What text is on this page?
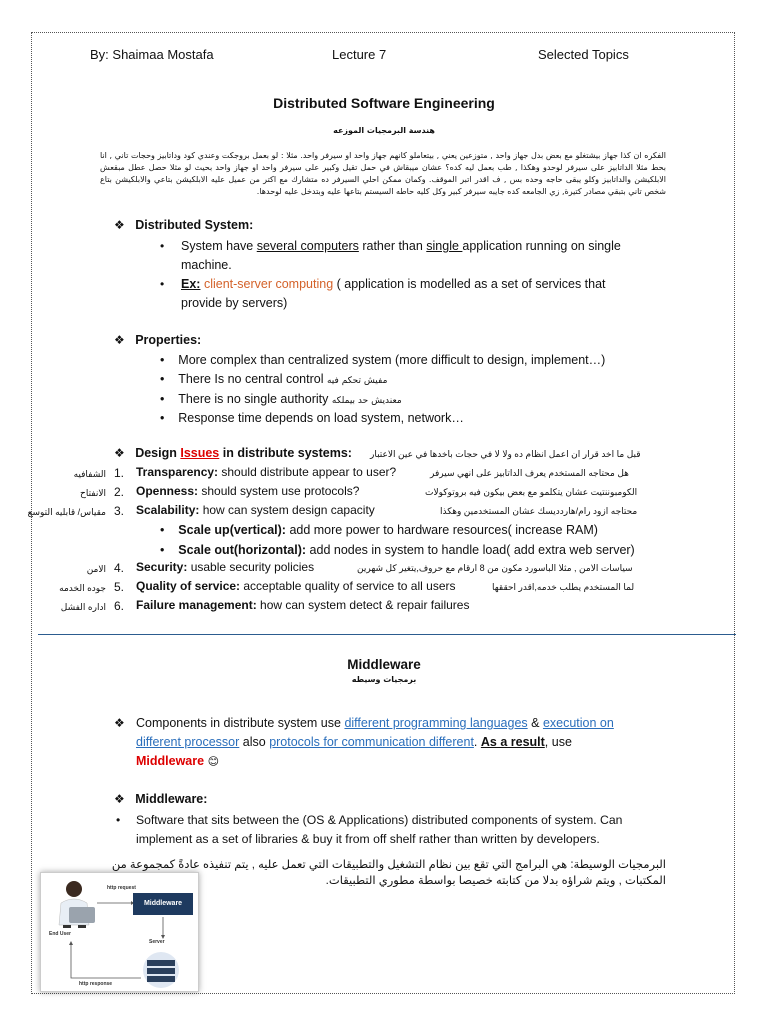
By: Shaimaa Mostafa	Lecture 7	Selected Topics
Distributed Software Engineering
هندسة البرمجيات الموزعه
الفكره ان كذا جهاز بيشتغلو مع بعض بدل جهاز واحد , متوزعين يعني , بيتعاملو كانهم جهاز واحد او سيرفر واحد. مثلا : لو بعمل بروجكت وعندي كود وداتابيز وحجات تاني , انا بحط مثلا الداتابيز على سيرفر لوحدو وهكذا , طب بعمل ليه كده؟ عشان ميبقاش في حمل تقيل وكبير على سيرفر واحد او جهاز واحد بحيث لو مثلا حصل عطل مبقعش الابلكيشن والداتابيز وكلو يبقى حاجه وحده بس , ف اقدر اتبر الموقف. وكمان ممكن احلي السيرفر ده متشارك مع اكتر من عميل عليه الابلكيشن بتاعي والابلكيشن بتاع شخص تاني بتبقي مصادر كتيرة, زي الجامعه كده جايبه سيرفر كبير وكل كليه حاطه السيستم بتاعها عليه وبتدخل عليه لوحدها.
❖ Distributed System:
• System have several computers rather than single application running on single
machine.
• Ex: client-server computing ( application is modelled as a set of services that
provide by servers)
❖ Properties:
•    More complex than centralized system (more difficult to design, implement…)
•    There Is no central control مفيش تحكم فيه
•    There is no single authority معنديش حد بيملكه
•    Response time depends on load system, network…
❖ Design Issues in distribute systems: قبل ما اخد قرار ان اعمل انظام ده ولا لا في حجات باخدها في عين الاعتبار
الشفافيه 1. Transparency: should distribute appear to user?	هل محتاجه المستخدم يعرف الداتابيز على انهي سيرفر
الانفتاح 2. Openness: should system use protocols?	الكومبوننتيت عشان يتكلمو مع بعض بيكون فيه بروتوكولات
مقياس/ قابليه التوسع 3. Scalability: how can system design capacity	محتاجه ازود رام/هاردديسك عشان المستخدمين وهكذا
•    Scale up(vertical): add more power to hardware resources( increase RAM)
•    Scale out(horizontal): add nodes in system to handle load( add extra web server)
الامن 4. Security: usable security policies	سياسات الامن , مثلا الباسورد مكون من 8 ارقام مع حروف,يتغير كل شهرين
جوده الخدمه 5. Quality of service: acceptable quality of service to all users	لما المستخدم يطلب خدمه,اقدر احققها
اداره الفشل 6. Failure management: how can system detect & repair failures
Middleware
برمجيات وسيطه
❖ Components in distribute system use different programming languages & execution on
different processor also protocols for communication different. As a result, use
Middleware 😊
❖ Middleware:
• Software that sits between the (OS & Applications) distributed components of system. Can
implement as a set of libraries & buy it from off shelf rather than written by developers.
البرمجيات الوسيطة: هي البرامج التي تقع بين نظام التشغيل والتطبيقات التي تعمل عليه , يتم تنفيذه عادةً كمجموعة من المكتبات , ويتم شراؤه بدلا من كتابته خصيصا بواسطة مطوري التطبيقات.
Middleware
http request
End User
Server
http response
